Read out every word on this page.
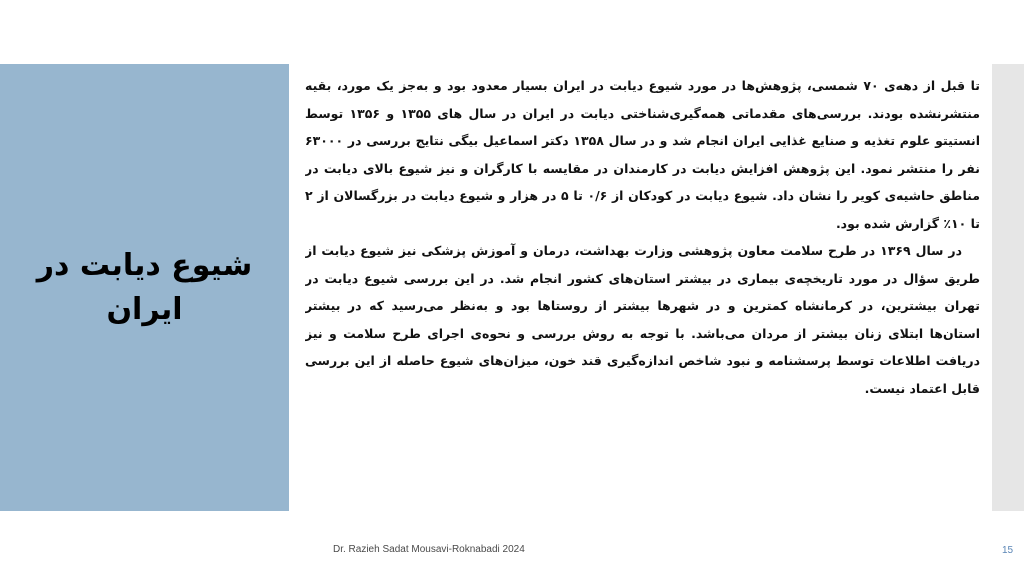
شیوع دیابت در ایران

تا قبل از دهه‌ی ۷۰ شمسی، پژوهش‌ها در مورد شیوع دیابت در ایران بسیار معدود بود و به‌جز یک مورد، بقیه منتشرنشده بودند. بررسی‌های مقدماتی همه‌گیری‌شناختی دیابت در ایران در سال های ۱۳۵۵ و ۱۳۵۶ توسط انستیتو علوم تغذیه و صنایع غذایی ایران انجام شد و در سال ۱۳۵۸ دکتر اسماعیل بیگی نتایج بررسی در ۶۳۰۰۰ نفر را منتشر نمود. این پژوهش افزایش دیابت در کارمندان در مقایسه با کارگران و نیز شیوع بالای دیابت در مناطق حاشیه‌ی کویر را نشان داد. شیوع دیابت در کودکان از ۰/۶ تا ۵ در هزار و شیوع دیابت در بزرگسالان از ۲ تا ۱۰٪ گزارش شده بود.

در سال ۱۳۶۹ در طرح سلامت معاون پژوهشی وزارت بهداشت، درمان و آموزش پزشکی نیز شیوع دیابت از طریق سؤال در مورد تاریخچه‌ی بیماری در بیشتر استان‌های کشور انجام شد. در این بررسی شیوع دیابت در تهران بیشترین، در کرمانشاه کمترین و در شهرها بیشتر از روستاها بود و به‌نظر می‌رسید که در بیشتر استان‌ها ابتلای زنان بیشتر از مردان می‌باشد. با توجه به روش بررسی و نحوه‌ی اجرای طرح سلامت و نیز دریافت اطلاعات توسط پرسشنامه و نبود شاخص اندازه‌گیری قند خون، میزان‌های شیوع حاصله از این بررسی قابل اعتماد نیست.

Dr. Razieh Sadat Mousavi-Roknabadi 2024	15
